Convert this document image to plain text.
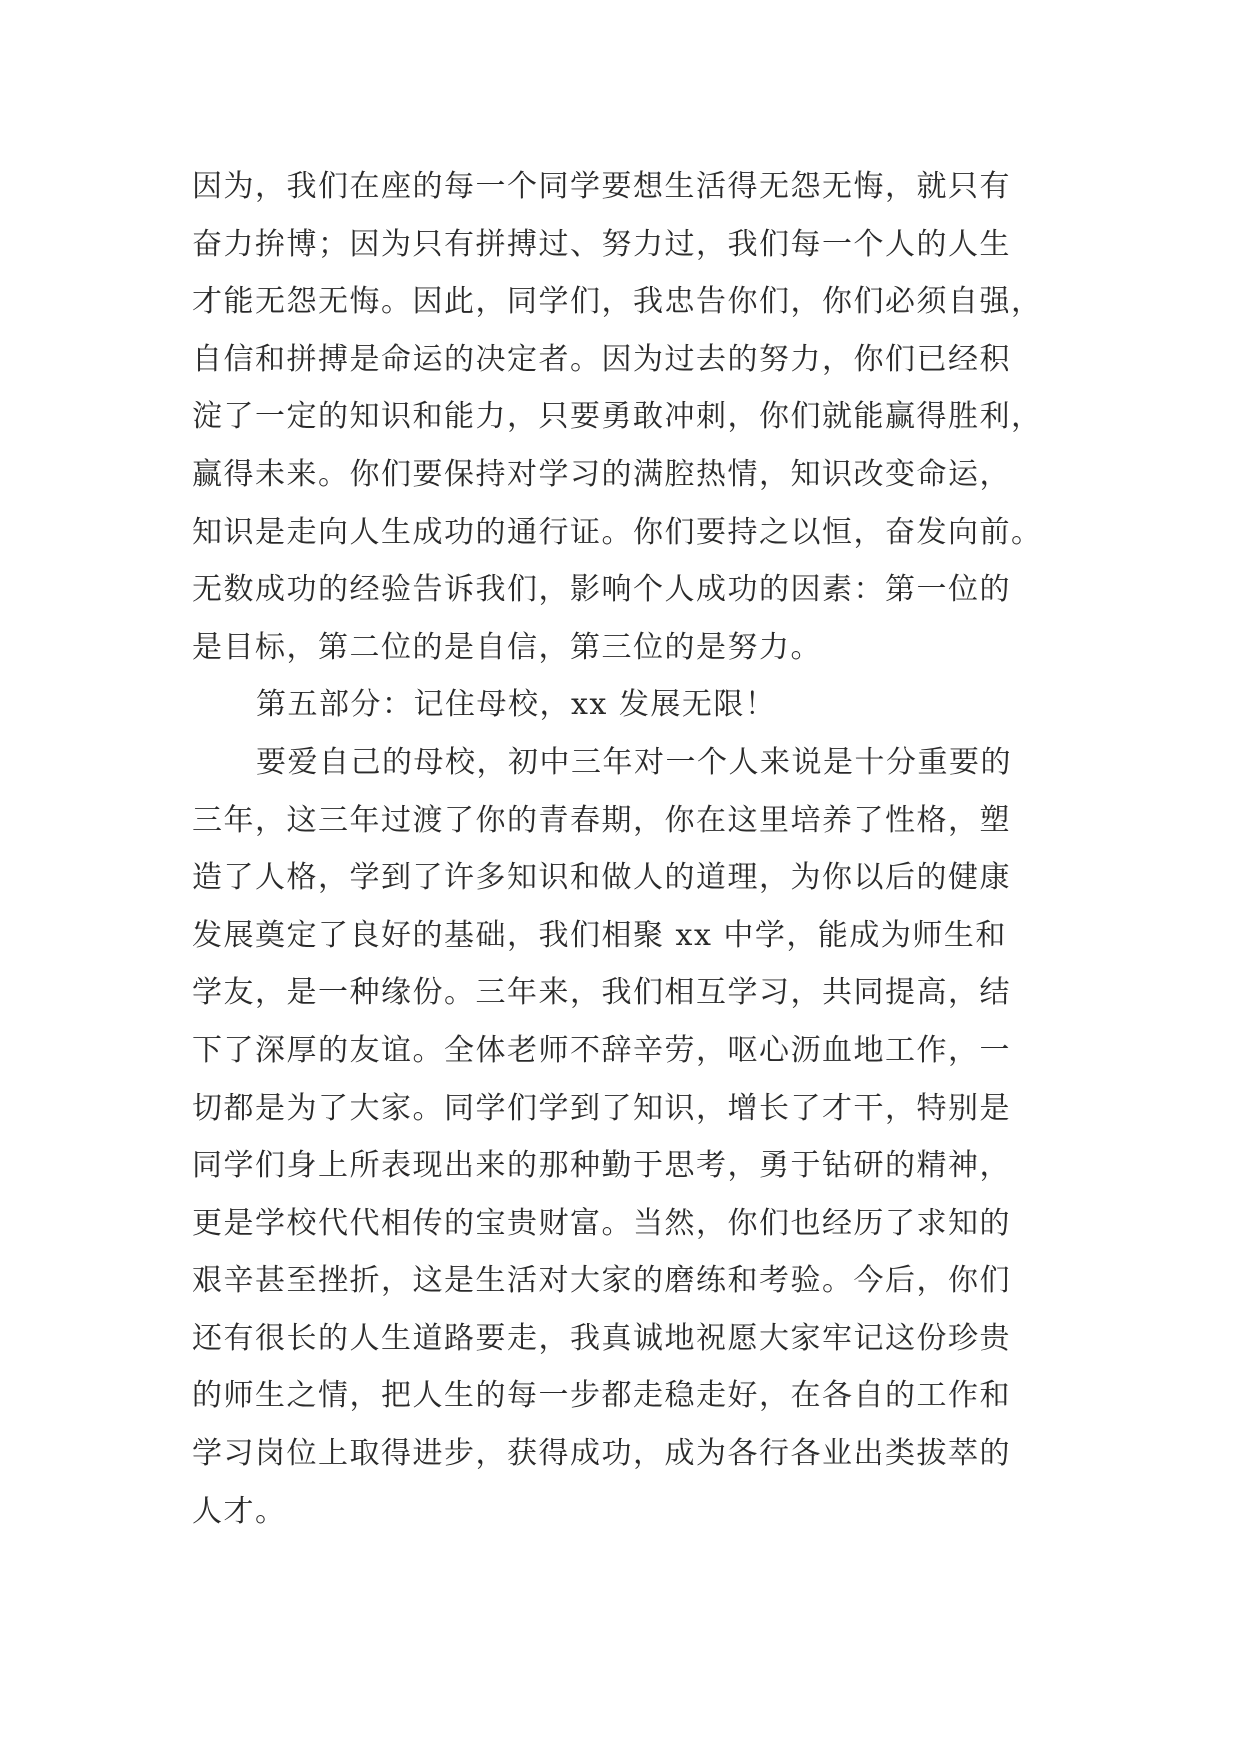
因为，我们在座的每一个同学要想生活得无怨无悔，就只有
奋力拚博；因为只有拼搏过、努力过，我们每一个人的人生
才能无怨无悔。因此，同学们，我忠告你们，你们必须自强，
自信和拼搏是命运的决定者。因为过去的努力，你们已经积
淀了一定的知识和能力，只要勇敢冲刺，你们就能赢得胜利，
赢得未来。你们要保持对学习的满腔热情，知识改变命运，
知识是走向人生成功的通行证。你们要持之以恒，奋发向前。
无数成功的经验告诉我们，影响个人成功的因素：第一位的
是目标，第二位的是自信，第三位的是努力。
第五部分：记住母校，xx 发展无限！
要爱自己的母校，初中三年对一个人来说是十分重要的
三年，这三年过渡了你的青春期，你在这里培养了性格，塑
造了人格，学到了许多知识和做人的道理，为你以后的健康
发展奠定了良好的基础，我们相聚 xx 中学，能成为师生和
学友，是一种缘份。三年来，我们相互学习，共同提高，结
下了深厚的友谊。全体老师不辞辛劳，呕心沥血地工作，一
切都是为了大家。同学们学到了知识，增长了才干，特别是
同学们身上所表现出来的那种勤于思考，勇于钻研的精神，
更是学校代代相传的宝贵财富。当然，你们也经历了求知的
艰辛甚至挫折，这是生活对大家的磨练和考验。今后，你们
还有很长的人生道路要走，我真诚地祝愿大家牢记这份珍贵
的师生之情，把人生的每一步都走稳走好，在各自的工作和
学习岗位上取得进步，获得成功，成为各行各业出类拔萃的
人才。
